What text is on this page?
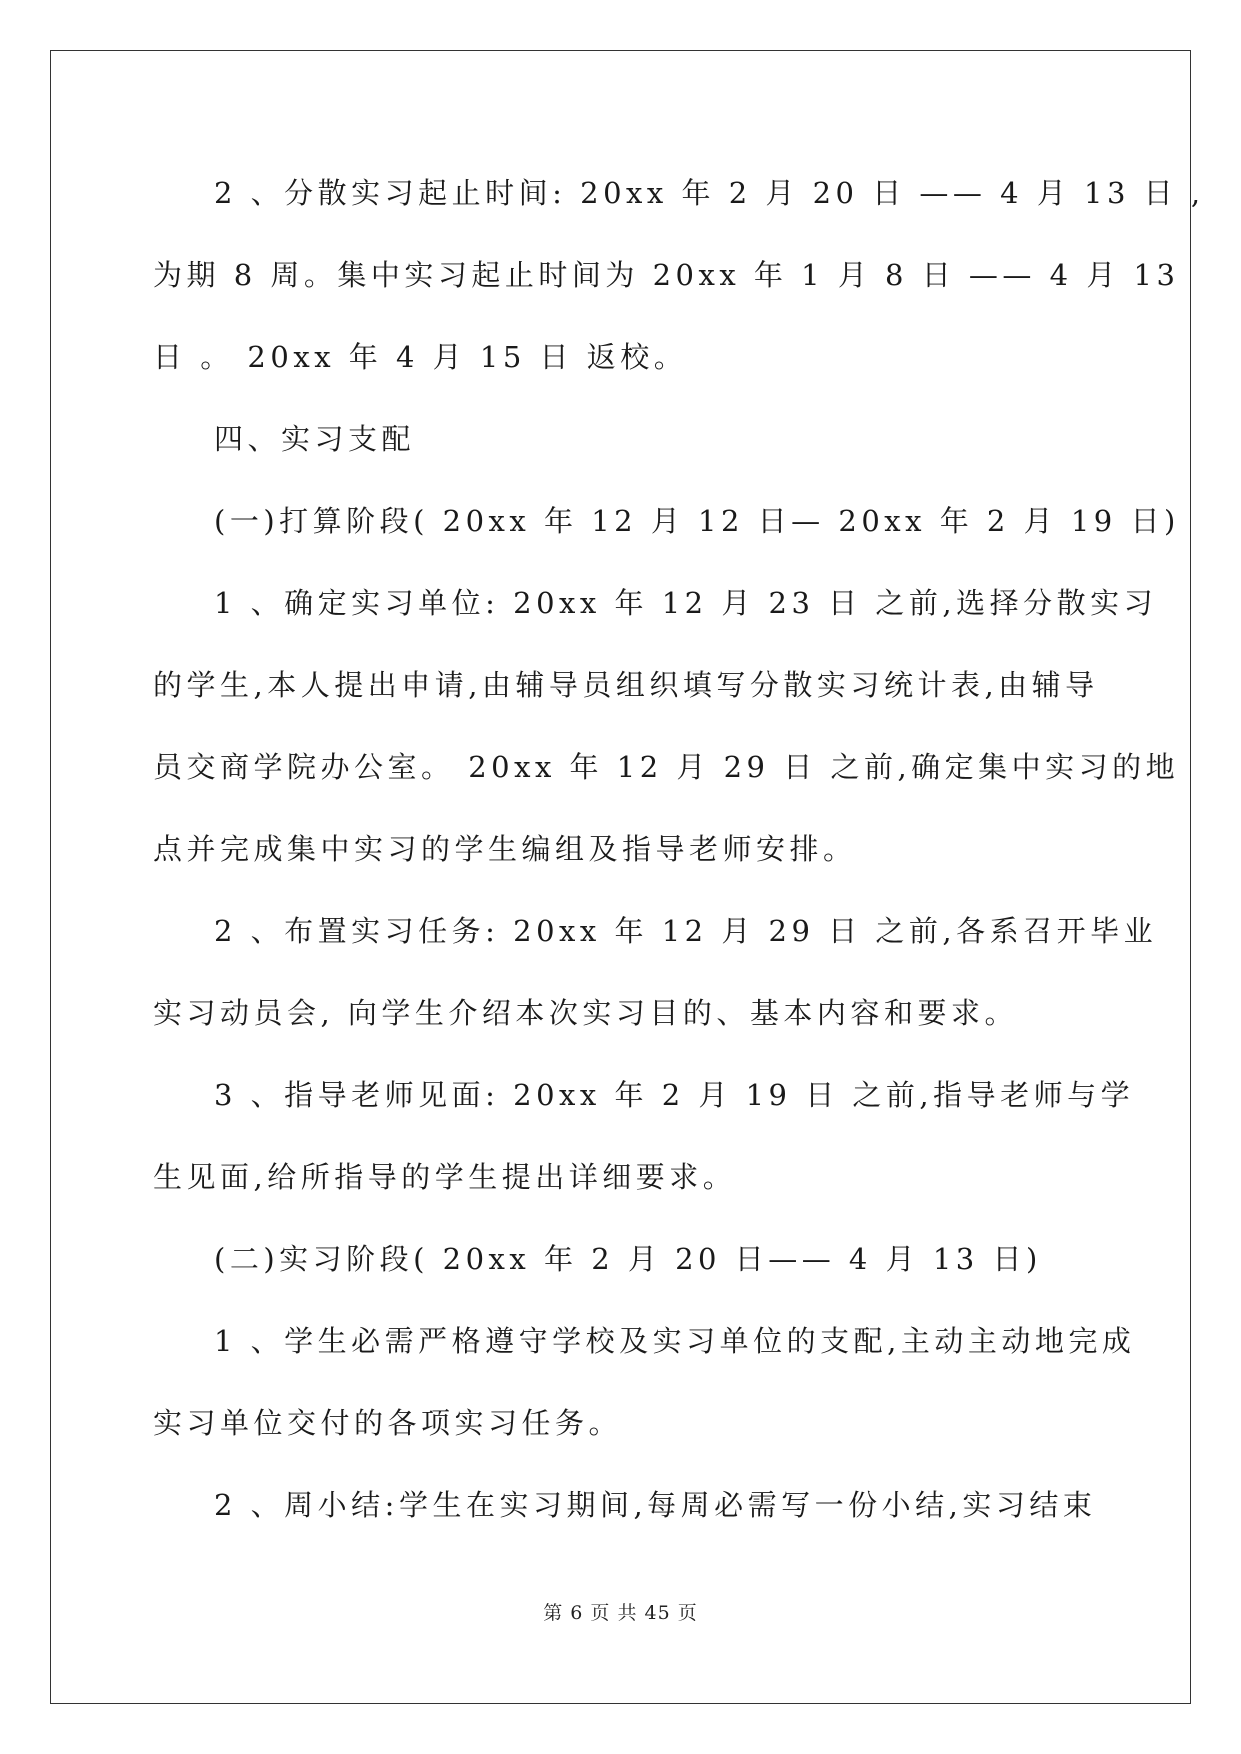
2 、分散实习起止时间: 20xx 年 2 月 20 日 —— 4 月 13 日 ,
为期 8 周。集中实习起止时间为 20xx 年 1 月 8 日 —— 4 月 13
日 。 20xx 年 4 月 15 日 返校。
四、实习支配
(一)打算阶段( 20xx 年 12 月 12 日— 20xx 年 2 月 19 日)
1 、确定实习单位: 20xx 年 12 月 23 日 之前,选择分散实习
的学生,本人提出申请,由辅导员组织填写分散实习统计表,由辅导
员交商学院办公室。 20xx 年 12 月 29 日 之前,确定集中实习的地
点并完成集中实习的学生编组及指导老师安排。
2 、布置实习任务: 20xx 年 12 月 29 日 之前,各系召开毕业
实习动员会, 向学生介绍本次实习目的、基本内容和要求。
3 、指导老师见面: 20xx 年 2 月 19 日 之前,指导老师与学
生见面,给所指导的学生提出详细要求。
(二)实习阶段( 20xx 年 2 月 20 日—— 4 月 13 日)
1 、学生必需严格遵守学校及实习单位的支配,主动主动地完成
实习单位交付的各项实习任务。
2 、周小结:学生在实习期间,每周必需写一份小结,实习结束
第 6 页 共 45 页
